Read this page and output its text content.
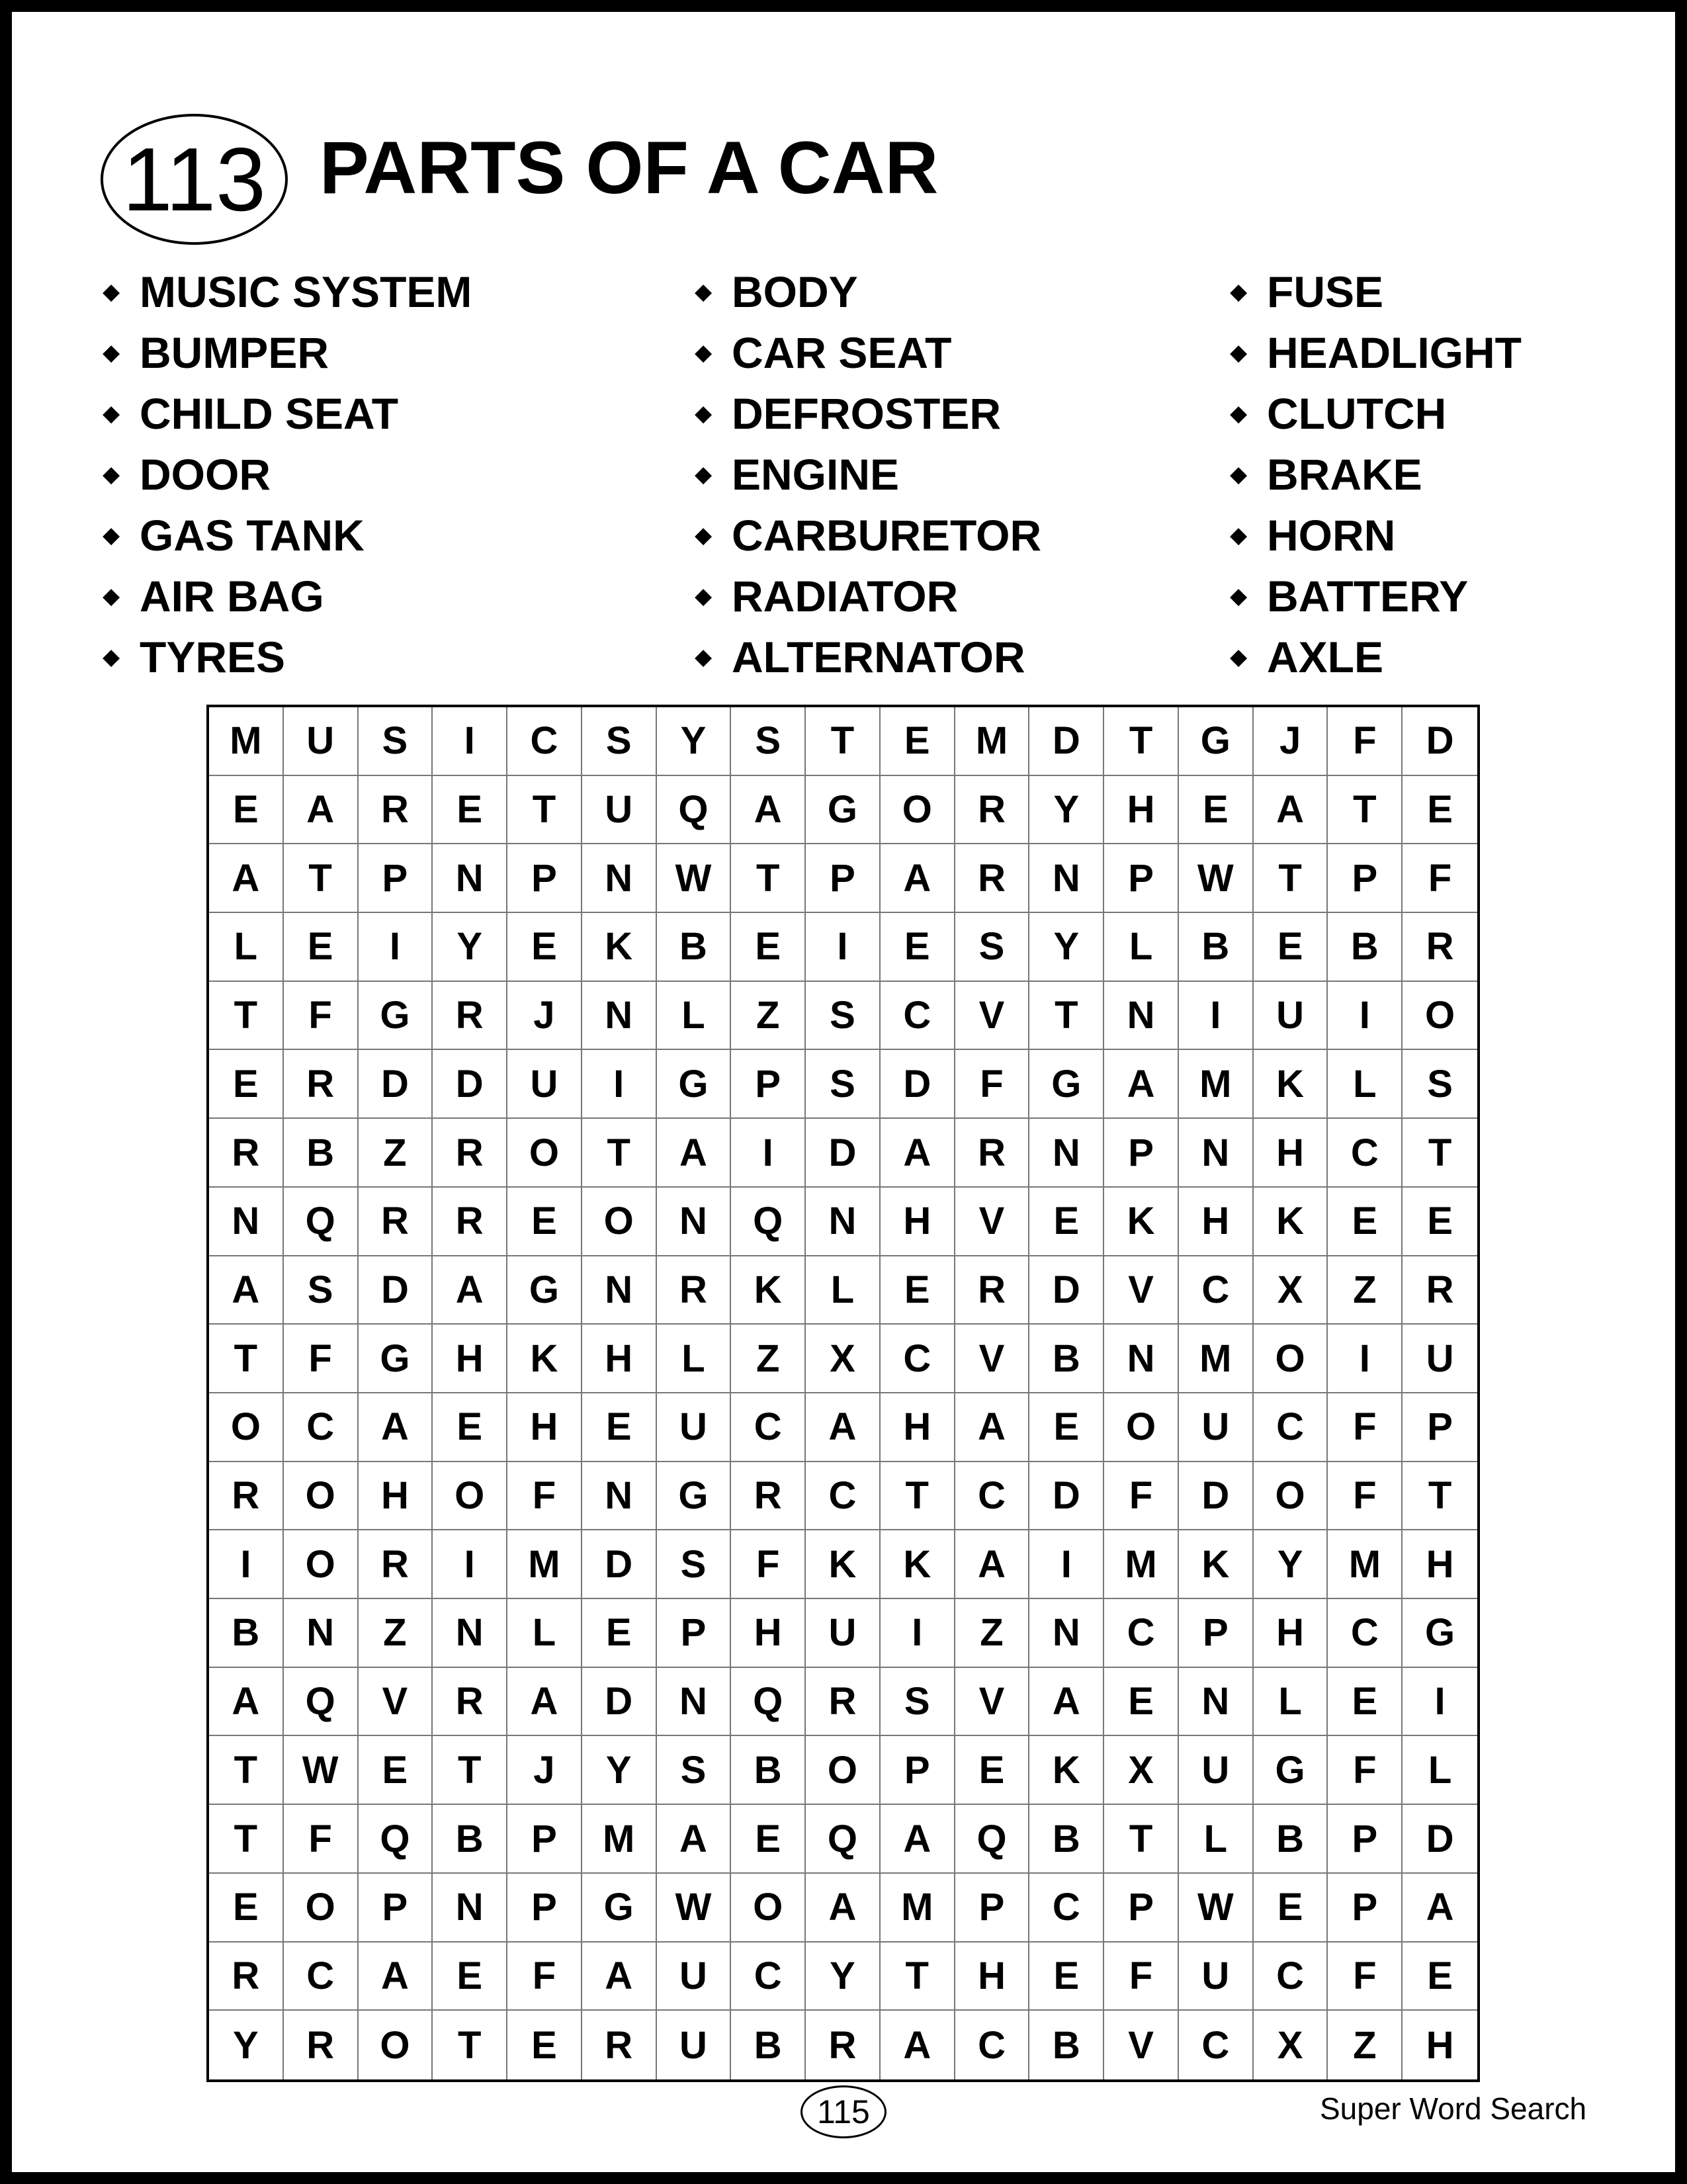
113 PARTS OF A CAR
◆ MUSIC SYSTEM
◆ BUMPER
◆ CHILD SEAT
◆ DOOR
◆ GAS TANK
◆ AIR BAG
◆ TYRES
◆ BODY
◆ CAR SEAT
◆ DEFROSTER
◆ ENGINE
◆ CARBURETOR
◆ RADIATOR
◆ ALTERNATOR
◆ FUSE
◆ HEADLIGHT
◆ CLUTCH
◆ BRAKE
◆ HORN
◆ BATTERY
◆ AXLE
M	U	S	I	C	S	Y	S	T	E	M	D	T	G	J	F	D
E	A	R	E	T	U	Q	A	G	O	R	Y	H	E	A	T	E
A	T	P	N	P	N	W	T	P	A	R	N	P	W	T	P	F
L	E	I	Y	E	K	B	E	I	E	S	Y	L	B	E	B	R
T	F	G	R	J	N	L	Z	S	C	V	T	N	I	U	I	O
E	R	D	D	U	I	G	P	S	D	F	G	A	M	K	L	S
R	B	Z	R	O	T	A	I	D	A	R	N	P	N	H	C	T
N	Q	R	R	E	O	N	Q	N	H	V	E	K	H	K	E	E
A	S	D	A	G	N	R	K	L	E	R	D	V	C	X	Z	R
T	F	G	H	K	H	L	Z	X	C	V	B	N	M	O	I	U
O	C	A	E	H	E	U	C	A	H	A	E	O	U	C	F	P
R	O	H	O	F	N	G	R	C	T	C	D	F	D	O	F	T
I	O	R	I	M	D	S	F	K	K	A	I	M	K	Y	M	H
B	N	Z	N	L	E	P	H	U	I	Z	N	C	P	H	C	G
A	Q	V	R	A	D	N	Q	R	S	V	A	E	N	L	E	I
T	W	E	T	J	Y	S	B	O	P	E	K	X	U	G	F	L
T	F	Q	B	P	M	A	E	Q	A	Q	B	T	L	B	P	D
E	O	P	N	P	G	W	O	A	M	P	C	P	W	E	P	A
R	C	A	E	F	A	U	C	Y	T	H	E	F	U	C	F	E
Y	R	O	T	E	R	U	B	R	A	C	B	V	C	X	Z	H
115	Super Word Search
